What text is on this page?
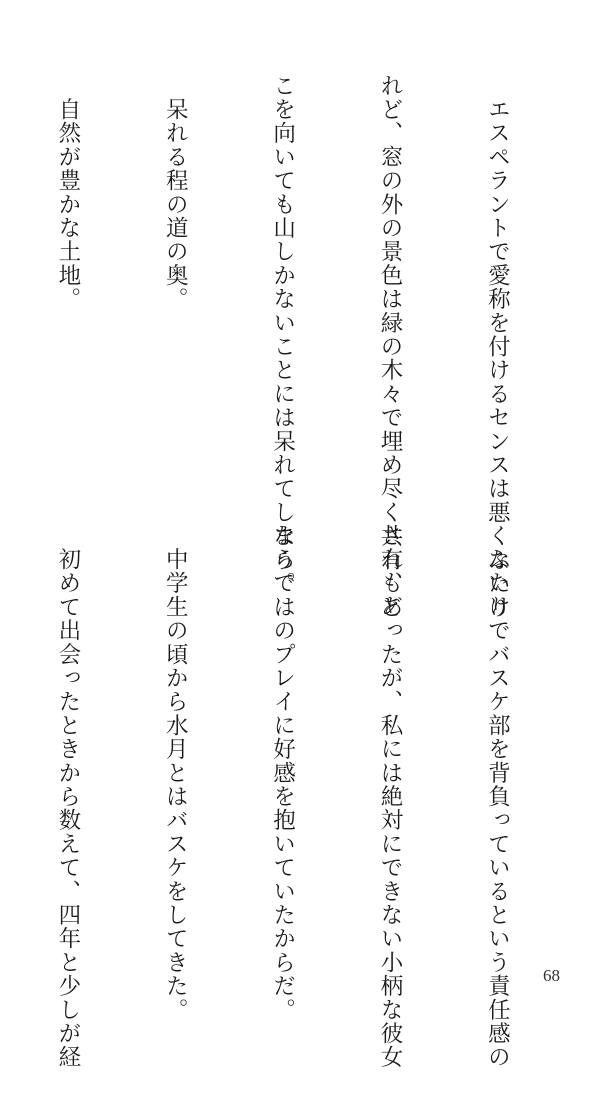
　エスペラントで愛称を付けるセンスは悪くないけ

れど、窓の外の景色は緑の木々で埋め尽くされ、ど

こを向いても山しかないことには呆れてしまう。

　呆れる程の道の奥。

　自然が豊かな土地。

　ふたりでバスケ部を背負っているという責任感の

共有もあったが、私には絶対にできない小柄な彼女

ならではのプレイに好感を抱いていたからだ。

　中学生の頃から水月とはバスケをしてきた。

　初めて出会ったときから数えて、四年と少しが経

	68
